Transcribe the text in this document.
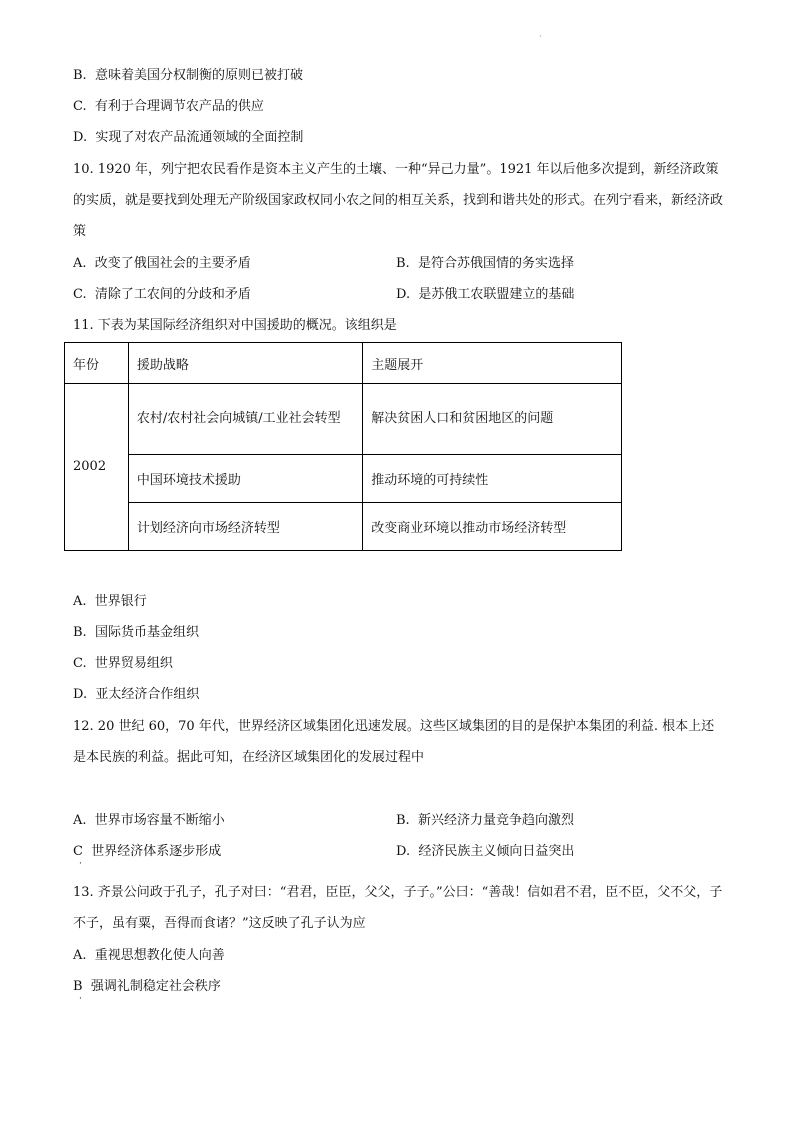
·
B. 意味着美国分权制衡的原则已被打破
C. 有利于合理调节农产品的供应
D. 实现了对农产品流通领域的全面控制
10. 1920 年，列宁把农民看作是资本主义产生的土壤、一种“异己力量”。1921 年以后他多次提到，新经济政策的实质，就是要找到处理无产阶级国家政权同小农之间的相互关系，找到和谐共处的形式。在列宁看来，新经济政策
A. 改变了俄国社会的主要矛盾	B. 是符合苏俄国情的务实选择
C. 清除了工农间的分歧和矛盾	D. 是苏俄工农联盟建立的基础
11. 下表为某国际经济组织对中国援助的概况。该组织是
年份	援助战略	主题展开
2002	农村/农村社会向城镇/工业社会转型	解决贫困人口和贫困地区的问题
	中国环境技术援助	推动环境的可持续性
	计划经济向市场经济转型	改变商业环境以推动市场经济转型
A. 世界银行
B. 国际货币基金组织
C. 世界贸易组织
D. 亚太经济合作组织
12. 20 世纪 60，70 年代，世界经济区域集团化迅速发展。这些区域集团的目的是保护本集团的利益. 根本上还是本民族的利益。据此可知，在经济区域集团化的发展过程中
A. 世界市场容量不断缩小	B. 新兴经济力量竞争趋向激烈
C 世界经济体系逐步形成
·
D. 经济民族主义倾向日益突出
13. 齐景公问政于孔子，孔子对曰：“君君，臣臣，父父，子子。”公曰：“善哉！信如君不君，臣不臣，父不父，子不子，虽有粟，吾得而食诸？”这反映了孔子认为应
A. 重视思想教化使人向善
B 强调礼制稳定社会秩序
·
